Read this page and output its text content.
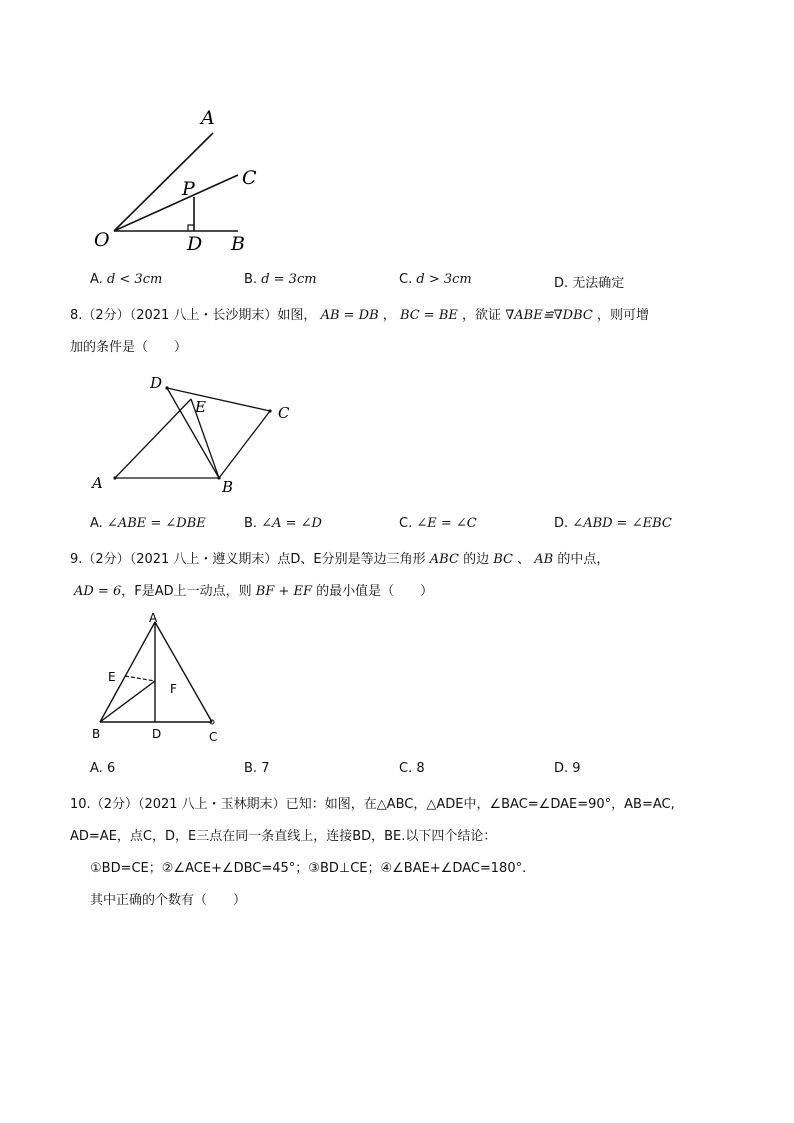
A
C
P
O	D B
A. d < 3cm	B. d = 3cm	C. d > 3cm	D. 无法确定
8.（2分）（2021 八上・长沙期末）如图， AB = DB ， BC = BE ，欲证 ∇ABE≌∇DBC ，则可增
加的条件是（　　）
D
E	C
A	B
A. ∠ABE = ∠DBE	B. ∠A = ∠D	C. ∠E = ∠C	D. ∠ABD = ∠EBC
9.（2分）（2021 八上・遵义期末）点D、E分别是等边三角形 ABC 的边 BC 、 AB 的中点，
AD = 6，F是AD上一动点，则 BF + EF 的最小值是（　　）
A
E
F
B	D	C
A. 6	B. 7	C. 8	D. 9
10.（2分）（2021 八上・玉林期末）已知：如图，在△ABC，△ADE中，∠BAC=∠DAE=90°，AB=AC,
AD=AE，点C，D，E三点在同一条直线上，连接BD，BE.以下四个结论：
①BD=CE；②∠ACE+∠DBC=45°；③BD⊥CE；④∠BAE+∠DAC=180°.
其中正确的个数有（　　）
